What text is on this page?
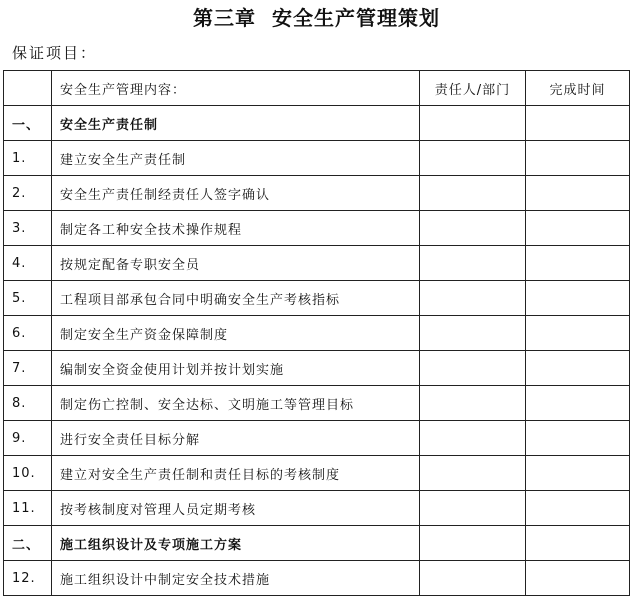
第三章  安全生产管理策划
保证项目：
	安全生产管理内容：	责任人/部门	完成时间
一、	安全生产责任制		
1.	建立安全生产责任制		
2.	安全生产责任制经责任人签字确认		
3.	制定各工种安全技术操作规程		
4.	按规定配备专职安全员		
5.	工程项目部承包合同中明确安全生产考核指标		
6.	制定安全生产资金保障制度		
7.	编制安全资金使用计划并按计划实施		
8.	制定伤亡控制、安全达标、文明施工等管理目标		
9.	进行安全责任目标分解		
10.	建立对安全生产责任制和责任目标的考核制度		
11.	按考核制度对管理人员定期考核		
二、	施工组织设计及专项施工方案		
12.	施工组织设计中制定安全技术措施		
